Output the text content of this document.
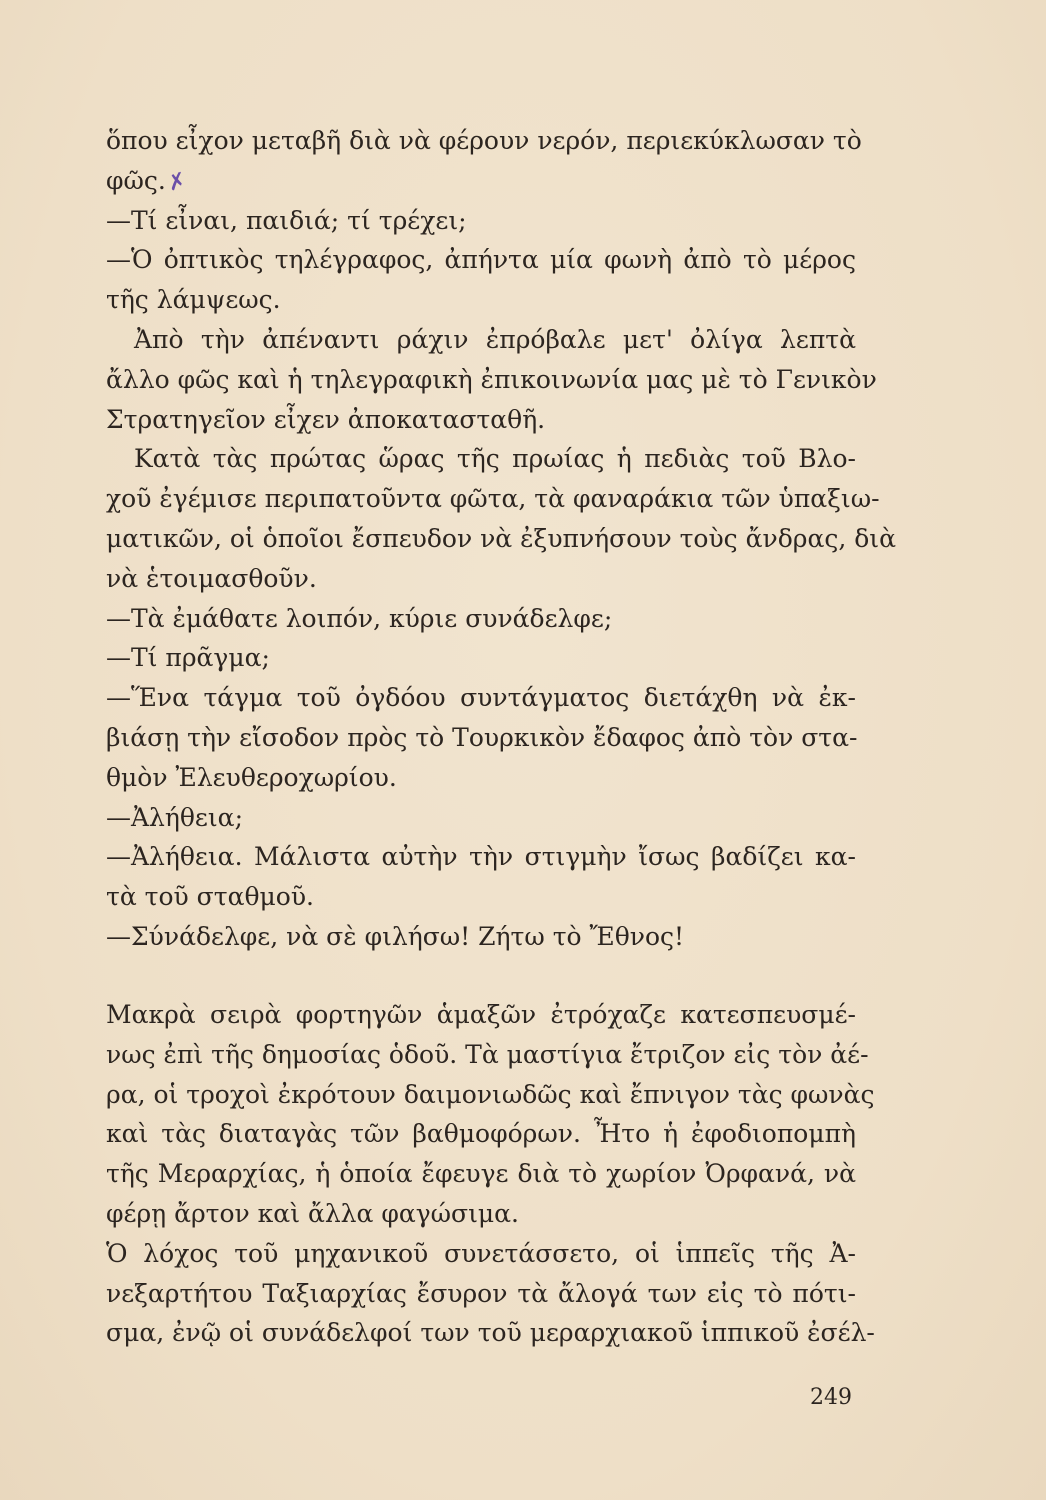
ὅπου εἶχον μεταβῆ διὰ νὰ φέρουν νερόν, περιεκύκλωσαν τὸ
φῶς.✗
—Τί εἶναι, παιδιά; τί τρέχει;
—Ὁ ὀπτικὸς τηλέγραφος, ἀπήντα μία φωνὴ ἀπὸ τὸ μέρος
τῆς λάμψεως.
Ἀπὸ τὴν ἀπέναντι ράχιν ἐπρόβαλε μετ' ὀλίγα λεπτὰ
ἄλλο φῶς καὶ ἡ τηλεγραφικὴ ἐπικοινωνία μας μὲ τὸ Γενικὸν
Στρατηγεῖον εἶχεν ἀποκατασταθῆ.
Κατὰ τὰς πρώτας ὥρας τῆς πρωίας ἡ πεδιὰς τοῦ Βλο-
χοῦ ἐγέμισε περιπατοῦντα φῶτα, τὰ φαναράκια τῶν ὑπαξιω-
ματικῶν, οἱ ὁποῖοι ἔσπευδον νὰ ἐξυπνήσουν τοὺς ἄνδρας, διὰ
νὰ ἑτοιμασθοῦν.
—Τὰ ἐμάθατε λοιπόν, κύριε συνάδελφε;
—Τί πρᾶγμα;
—Ἕνα τάγμα τοῦ ὀγδόου συντάγματος διετάχθη νὰ ἐκ-
βιάσῃ τὴν εἴσοδον πρὸς τὸ Τουρκικὸν ἔδαφος ἀπὸ τὸν στα-
θμὸν Ἐλευθεροχωρίου.
—Ἀλήθεια;
—Ἀλήθεια. Μάλιστα αὐτὴν τὴν στιγμὴν ἴσως βαδίζει κα-
τὰ τοῦ σταθμοῦ.
—Σύνάδελφε, νὰ σὲ φιλήσω! Ζήτω τὸ Ἔθνος!
Μακρὰ σειρὰ φορτηγῶν ἁμαξῶν ἐτρόχαζε κατεσπευσμέ-
νως ἐπὶ τῆς δημοσίας ὁδοῦ. Τὰ μαστίγια ἔτριζον εἰς τὸν ἀέ-
ρα, οἱ τροχοὶ ἐκρότουν δαιμονιωδῶς καὶ ἔπνιγον τὰς φωνὰς
καὶ τὰς διαταγὰς τῶν βαθμοφόρων. Ἦτο ἡ ἐφοδιοπομπὴ
τῆς Μεραρχίας, ἡ ὁποία ἔφευγε διὰ τὸ χωρίον Ὀρφανά, νὰ
φέρῃ ἄρτον καὶ ἄλλα φαγώσιμα.
Ὁ λόχος τοῦ μηχανικοῦ συνετάσσετο, οἱ ἱππεῖς τῆς Ἀ-
νεξαρτήτου Ταξιαρχίας ἔσυρον τὰ ἄλογά των εἰς τὸ πότι-
σμα, ἐνῷ οἱ συνάδελφοί των τοῦ μεραρχιακοῦ ἱππικοῦ ἐσέλ-
249
